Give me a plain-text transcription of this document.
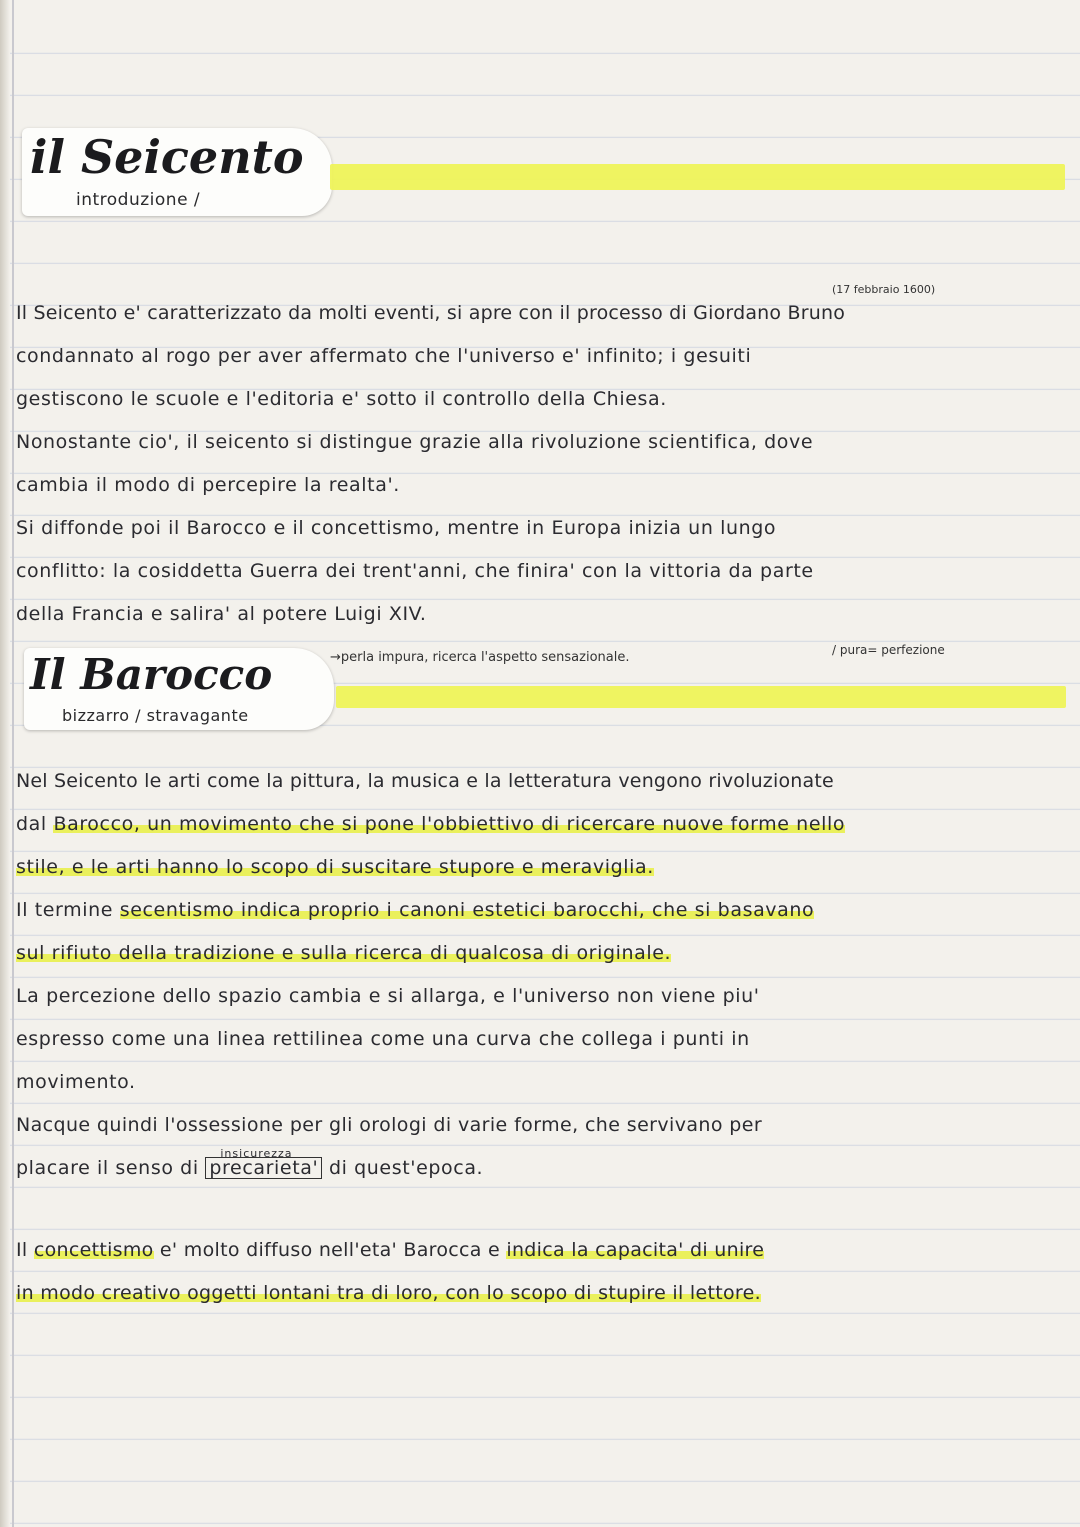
il Seicento
introduzione /
(17 febbraio 1600)
Il Seicento e' caratterizzato da molti eventi, si apre con il processo di Giordano Bruno
condannato al rogo per aver affermato che l'universo e' infinito; i gesuiti
gestiscono le scuole e l'editoria e' sotto il controllo della Chiesa.
Nonostante cio', il seicento si distingue grazie alla rivoluzione scientifica, dove
cambia il modo di percepire la realta'.
Si diffonde poi il Barocco e il concettismo, mentre in Europa inizia un lungo
conflitto: la cosiddetta Guerra dei trent'anni, che finira' con la vittoria da parte
della Francia e salira' al potere Luigi XIV.
Il Barocco
bizzarro / stravagante
→perla impura, ricerca l'aspetto sensazionale.	/ pura= perfezione
Nel Seicento le arti come la pittura, la musica e la letteratura vengono rivoluzionate
dal Barocco, un movimento che si pone l'obbiettivo di ricercare nuove forme nello
stile, e le arti hanno lo scopo di suscitare stupore e meraviglia.
Il termine secentismo indica proprio i canoni estetici barocchi, che si basavano
sul rifiuto della tradizione e sulla ricerca di qualcosa di originale.
La percezione dello spazio cambia e si allarga, e l'universo non viene piu'
espresso come una linea rettilinea come una curva che collega i punti in
movimento.
Nacque quindi l'ossessione per gli orologi di varie forme, che servivano per
placare il senso di
insicurezza
precarieta' di quest'epoca.
Il concettismo e' molto diffuso nell'eta' Barocca e indica la capacita' di unire
in modo creativo oggetti lontani tra di loro, con lo scopo di stupire il lettore.
